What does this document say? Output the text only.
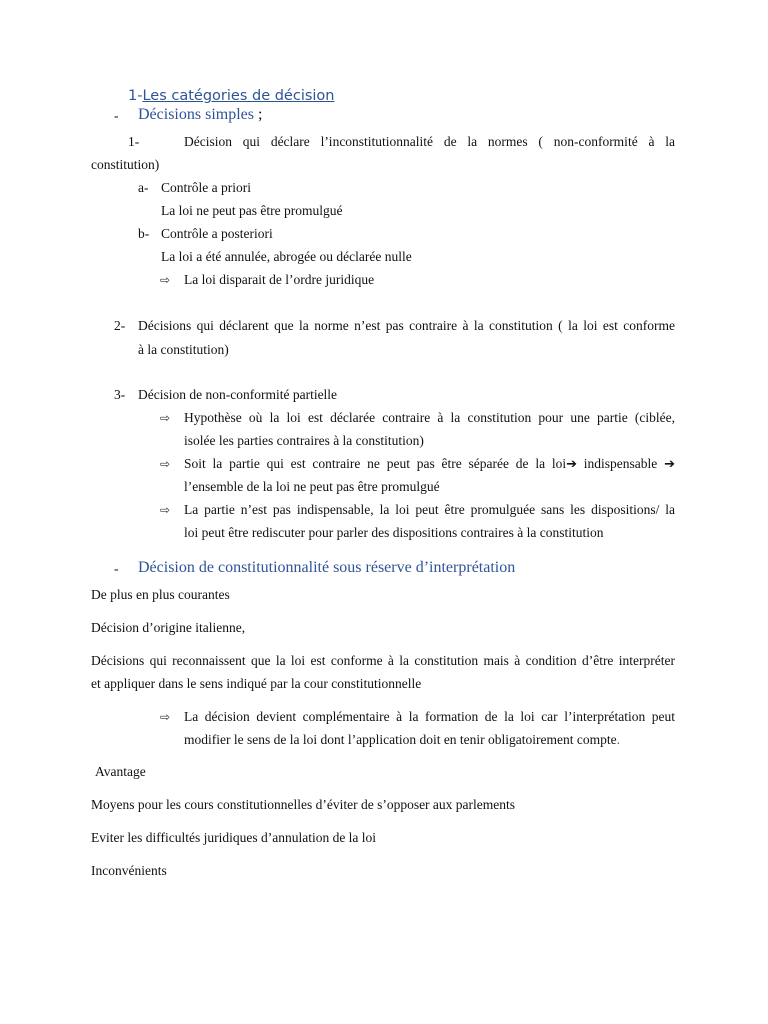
1-Les catégories de décision
- Décisions simples ;
1-	Décision qui déclare l’inconstitutionnalité de la normes ( non-conformité à la
constitution)
a- Contrôle a priori
La loi ne peut pas être promulgué
b- Contrôle a posteriori
La loi a été annulée, abrogée ou déclarée nulle
⇨ La loi disparait de l’ordre juridique
2- Décisions qui déclarent que la norme n’est pas contraire à la constitution ( la loi est conforme
à la constitution)
3- Décision de non-conformité partielle
⇨ Hypothèse où la loi est déclarée contraire à la constitution pour une partie (ciblée,
isolée les parties contraires à la constitution)
⇨ Soit la partie qui est contraire ne peut pas être séparée de la loi➔ indispensable ➔
l’ensemble de la loi ne peut pas être promulgué
⇨ La partie n’est pas indispensable, la loi peut être promulguée sans les dispositions/ la
loi peut être rediscuter pour parler des dispositions contraires à la constitution
- Décision de constitutionnalité sous réserve d’interprétation
De plus en plus courantes
Décision d’origine italienne,
Décisions qui reconnaissent que la loi est conforme à la constitution mais à condition d’être interpréter
et appliquer dans le sens indiqué par la cour constitutionnelle
⇨ La décision devient complémentaire à la formation de la loi car l’interprétation peut
modifier le sens de la loi dont l’application doit en tenir obligatoirement compte.
Avantage
Moyens pour les cours constitutionnelles d’éviter de s’opposer aux parlements
Eviter les difficultés juridiques d’annulation de la loi
Inconvénients
